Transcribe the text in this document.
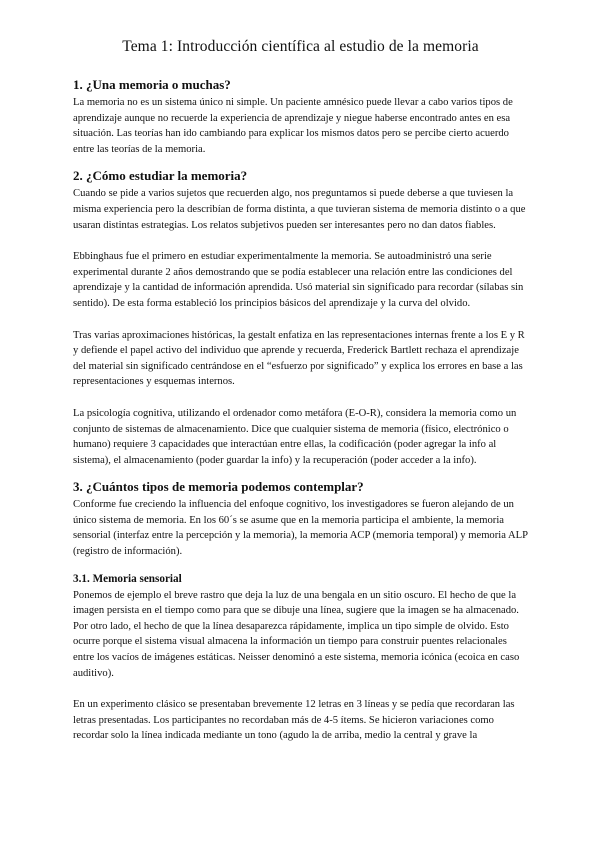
Tema 1: Introducción científica al estudio de la memoria
1. ¿Una memoria o muchas?

La memoria no es un sistema único ni simple. Un paciente amnésico puede llevar a cabo varios tipos de aprendizaje aunque no recuerde la experiencia de aprendizaje y niegue haberse encontrado antes en esa situación. Las teorías han ido cambiando para explicar los mismos datos pero se percibe cierto acuerdo entre las teorías de la memoria.

2. ¿Cómo estudiar la memoria?

Cuando se pide a varios sujetos que recuerden algo, nos preguntamos si puede deberse a que tuviesen la misma experiencia pero la describían de forma distinta, a que tuvieran sistema de memoria distinto o a que usaran distintas estrategias. Los relatos subjetivos pueden ser interesantes pero no dan datos fiables.

Ebbinghaus fue el primero en estudiar experimentalmente la memoria. Se autoadministró una serie experimental durante 2 años demostrando que se podía establecer una relación entre las condiciones del aprendizaje y la cantidad de información aprendida. Usó material sin significado para recordar (sílabas sin sentido). De esta forma estableció los principios básicos del aprendizaje y la curva del olvido.

Tras varias aproximaciones históricas, la gestalt enfatiza en las representaciones internas frente a los E y R y defiende el papel activo del individuo que aprende y recuerda, Frederick Bartlett rechaza el aprendizaje del material sin significado centrándose en el “esfuerzo por significado” y explica los errores en base a las representaciones y esquemas internos.

La psicología cognitiva, utilizando el ordenador como metáfora (E-O-R), considera la memoria como un conjunto de sistemas de almacenamiento. Dice que cualquier sistema de memoria (físico, electrónico o humano) requiere 3 capacidades que interactúan entre ellas, la codificación (poder agregar la info al sistema), el almacenamiento (poder guardar la info) y la recuperación (poder acceder a la info).

3. ¿Cuántos tipos de memoria podemos contemplar?

Conforme fue creciendo la influencia del enfoque cognitivo, los investigadores se fueron alejando de un único sistema de memoria. En los 60´s se asume que en la memoria participa el ambiente, la memoria sensorial (interfaz entre la percepción y la memoria), la memoria ACP (memoria temporal) y memoria ALP (registro de información).

3.1. Memoria sensorial

Ponemos de ejemplo el breve rastro que deja la luz de una bengala en un sitio oscuro. El hecho de que la imagen persista en el tiempo como para que se dibuje una línea, sugiere que la imagen se ha almacenado. Por otro lado, el hecho de que la línea desaparezca rápidamente, implica un tipo simple de olvido. Esto ocurre porque el sistema visual almacena la información un tiempo para construir puentes relacionales entre los vacíos de imágenes estáticas. Neisser denominó a este sistema, memoria icónica (ecoica en caso auditivo).

En un experimento clásico se presentaban brevemente 12 letras en 3 líneas y se pedía que recordaran las letras presentadas. Los participantes no recordaban más de 4-5 ítems. Se hicieron variaciones como recordar solo la línea indicada mediante un tono (agudo la de arriba, medio la central y grave la
